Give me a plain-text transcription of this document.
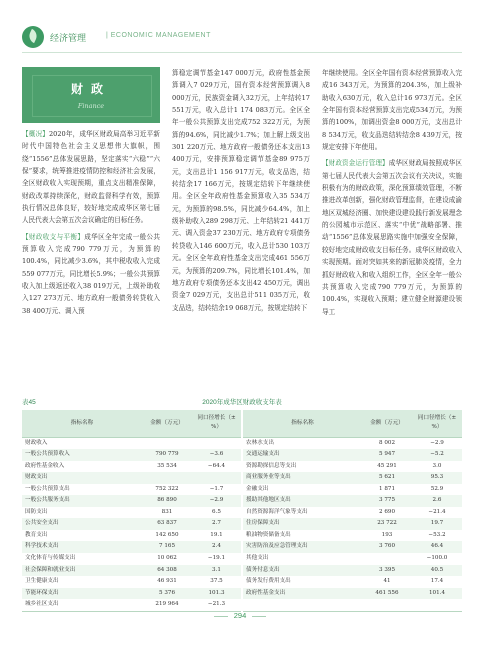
经济管理	| ECONOMIC MANAGEMENT
财政
Finance

【概况】2020年，成华区财政局高举习近平新时代中国特色社会主义思想伟大旗帜，围绕“1556”总体发展思路，坚定落实“六稳”“六保”要求，统筹推进疫情防控和经济社会发展，全区财政收入实现预期，重点支出精准保障，财政改革持续深化，财政监督科学有效，预算执行情况总体良好，较好地完成成华区第七届人民代表大会第五次会议确定的目标任务。

【财政收支与平衡】成华区全年完成一般公共预算收入完成790 779万元，为预算的100.4%，同比减少3.6%，其中税收收入完成559 077万元，同比增长5.9%；一般公共预算收入加上级返还收入38 019万元，上级补助收入127 273万元、地方政府一般债务转贷收入38 400万元、调入预

算稳定调节基金147 000万元，政府性基金预算调入7 029万元，国有资本经营预算调入8 000万元，民族资金调入32万元，上年结转17 551万元，收入总计1 174 083万元。全区全年一般公共预算支出完成752 322万元，为预算的94.6%，同比减少1.7%；加上解上级支出301 220万元、地方政府一般债务还本支出13 400万元，安排预算稳定调节基金89 975万元，支出总计1 156 917万元，收支品迭，结转结余17 166万元，按规定结转下年继续使用。全区全年政府性基金预算收入35 534万元，为预算的98.5%，同比减少64.4%，加上级补助收入289 298万元、上年结转21 441万元、调入资金37 230万元、地方政府专项债务转贷收入146 600万元，收入总计530 103万元。全区全年政府性基金支出完成461 556万元，为预算的209.7%，同比增长101.4%，加地方政府专项债务还本支出42 450万元，调出资金7 029万元，支出总计511 035万元，收支品迭，结转结余19 068万元，按规定结转下

年继续使用。全区全年国有资本经营预算收入完成16 343万元，为预算的204.3%，加上级补助收入630万元，收入总计16 973万元。全区全年国有资本经营预算支出完成534万元，为预算的100%，加调出资金8 000万元，支出总计8 534万元，收支品迭结转结余8 439万元，按规定安排下年使用。

【财政资金运行管理】成华区财政局按照成华区第七届人民代表大会第五次会议有关决议，实施积极有为的财政政策，深化预算绩效管理，不断推进改革创新，强化财政管理监督，在建设成渝地区双城经济圈、加快建设建设践行新发展理念的公园城市示范区、落实“中优”战略部署、推动“1556”总体发展思路实施中加强安全保障，较好地完成财政收支目标任务。成华区财政收入实现预期。面对突如其来的新冠肺炎疫情，全力抓好财政收入和收入组织工作，全区全年一般公共预算收入完成790 779万元，为预算的100.4%，实现收入预期；建立健全财源建设领导工

2020年成华区财政收支年表
表45
指标名称	金额（万元）	同口径增长（±%）	指标名称	金额（万元）	同口径增长（±%）
财政收入			农林水支出	8 002	−2.9
一般公共预算收入	790 779	−3.6	交通运输支出	5 947	−5.2
政府性基金收入	35 534	−64.4	资源勘探信息等支出	45 291	3.0
财政支出			商业服务业等支出	5 621	95.3
一般公共预算支出	752 322	−1.7	金融支出	1 871	52.9
一般公共服务支出	86 890	−2.9	援助其他地区支出	3 775	2.6
国防支出	831	6.5	自然资源海洋气象等支出	2 690	−21.4
公共安全支出	63 837	2.7	住房保障支出	23 722	19.7
教育支出	142 650	19.1	粮油物资储备支出	193	−53.2
科学技术支出	7 165	2.4	灾害防治及应急管理支出	3 760	46.4
文化体育与传媒支出	10 062	−19.1	其他支出		−100.0
社会保障和就业支出	64 308	3.1	债务付息支出	3 395	40.5
卫生健康支出	46 931	37.5	债务发行费用支出	41	17.4
节能环保支出	5 376	101.3	政府性基金支出	461 556	101.4
城乡社区支出	219 964	−21.3			
294
